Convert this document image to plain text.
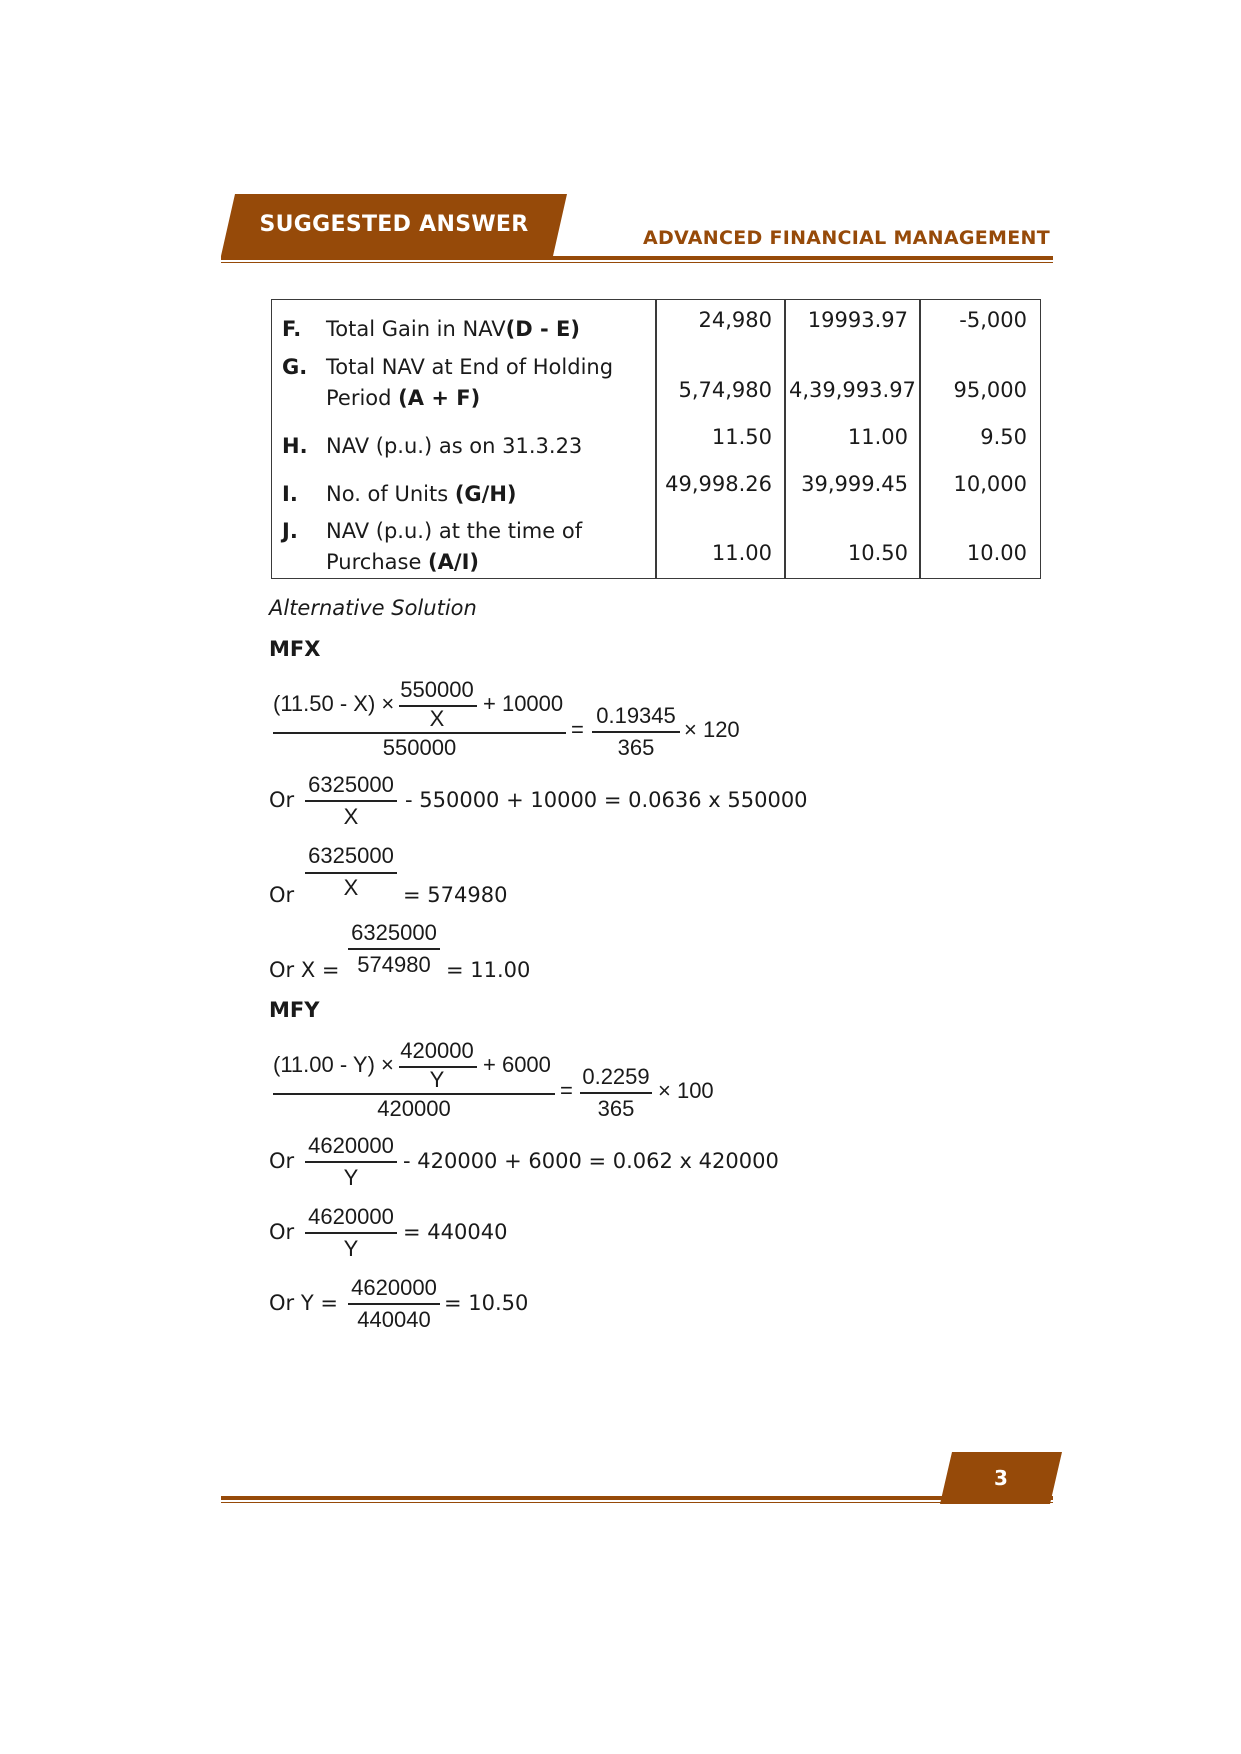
SUGGESTED ANSWER
ADVANCED FINANCIAL MANAGEMENT
F. Total Gain in NAV(D - E)	24,980	19993.97	-5,000
G. Total NAV at End of Holding
Period (A + F)	5,74,980 4,39,993.97	95,000
H. NAV (p.u.) as on 31.3.23	11.50	11.00	9.50
I. No. of Units (G/H)	49,998.26	39,999.45	10,000
J. NAV (p.u.) at the time of
Purchase (A/I)	11.00	10.50	10.00
Alternative Solution
MFX
(11.50 - X) ×
550000
X
+ 10000
550000
=
0.19345
365
× 120
Or
6325000
X
- 550000 + 10000 = 0.0636 x 550000
Or
6325000
X	= 574980
Or X =
6325000
574980 = 11.00
MFY
(11.00 - Y) ×
420000
Y
+ 6000
420000
=
0.2259
365
× 100
Or
4620000
Y
- 420000 + 6000 = 0.062 x 420000
Or
4620000
Y
= 440040
Or Y =
4620000
440040
= 10.50
3
